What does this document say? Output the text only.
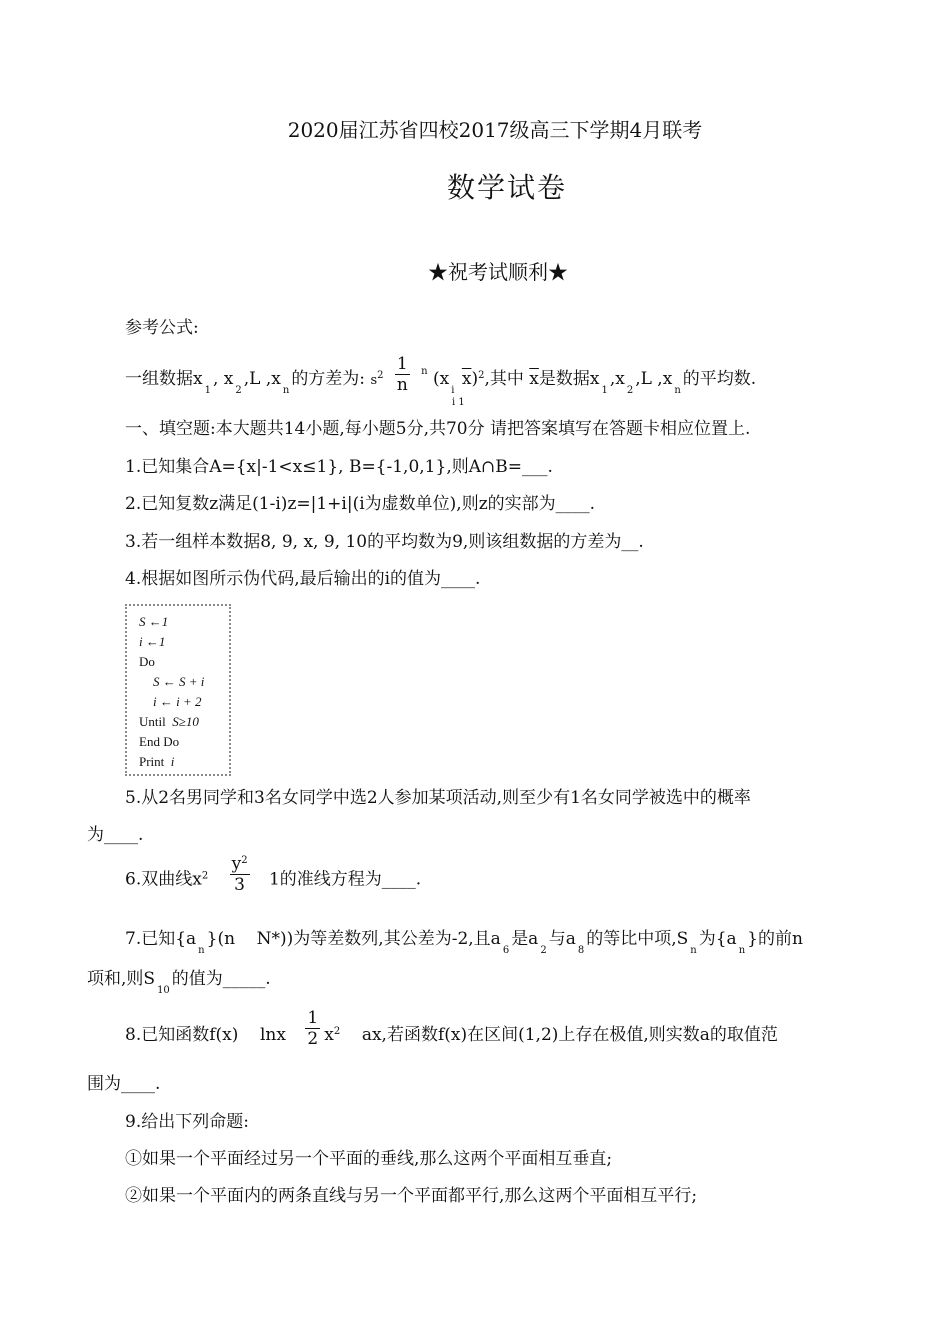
2020届江苏省四校2017级高三下学期4月联考
数学试卷
★祝考试顺利★
参考公式:
一组数据$x_1$, $x_2,L$ $,x_n$的方差为: $s^2 \frac{1}{n} ^n$ ($x_i$ $\overline{x})^2$,其中 $\overline{x}$是数据$x_1,x_2,L$ $,x_n$的平均数.
i 1
一、填空题:本大题共14小题,每小题5分,共70分 请把答案填写在答题卡相应位置上.
1.已知集合A={x|-1<x≤1}, B={-1,0,1},则A∩B=___.
2.已知复数z满足(1-i)z=|1+i|(i为虚数单位),则z的实部为____.
3.若一组样本数据8, 9, x, 9, 10的平均数为9,则该组数据的方差为__.
4.根据如图所示伪代码,最后输出的i的值为____.
S ←1
i ←1
Do
S ← S + i
i ← i + 2
Until S≥10
End Do
Print i
5.从2名男同学和3名女同学中选2人参加某项活动,则至少有1名女同学被选中的概率
为____.
6.双曲线$x^2 \frac{y^2}{3} 1$的准线方程为____.
7.已知$\{a_n\}(n$ N*))为等差数列,其公差为-2,且$a_6$是$a_2$与$a_8$的等比中项$,S_n$为$\{a_n\}$的前n
项和,则$S_{10}$的值为_____.
8.已知函数f(x) lnx $\frac{1}{2} x^2$ ax,若函数f(x)在区间(1,2)上存在极值,则实数a的取值范
围为____.
9.给出下列命题:
①如果一个平面经过另一个平面的垂线,那么这两个平面相互垂直;
②如果一个平面内的两条直线与另一个平面都平行,那么这两个平面相互平行;
